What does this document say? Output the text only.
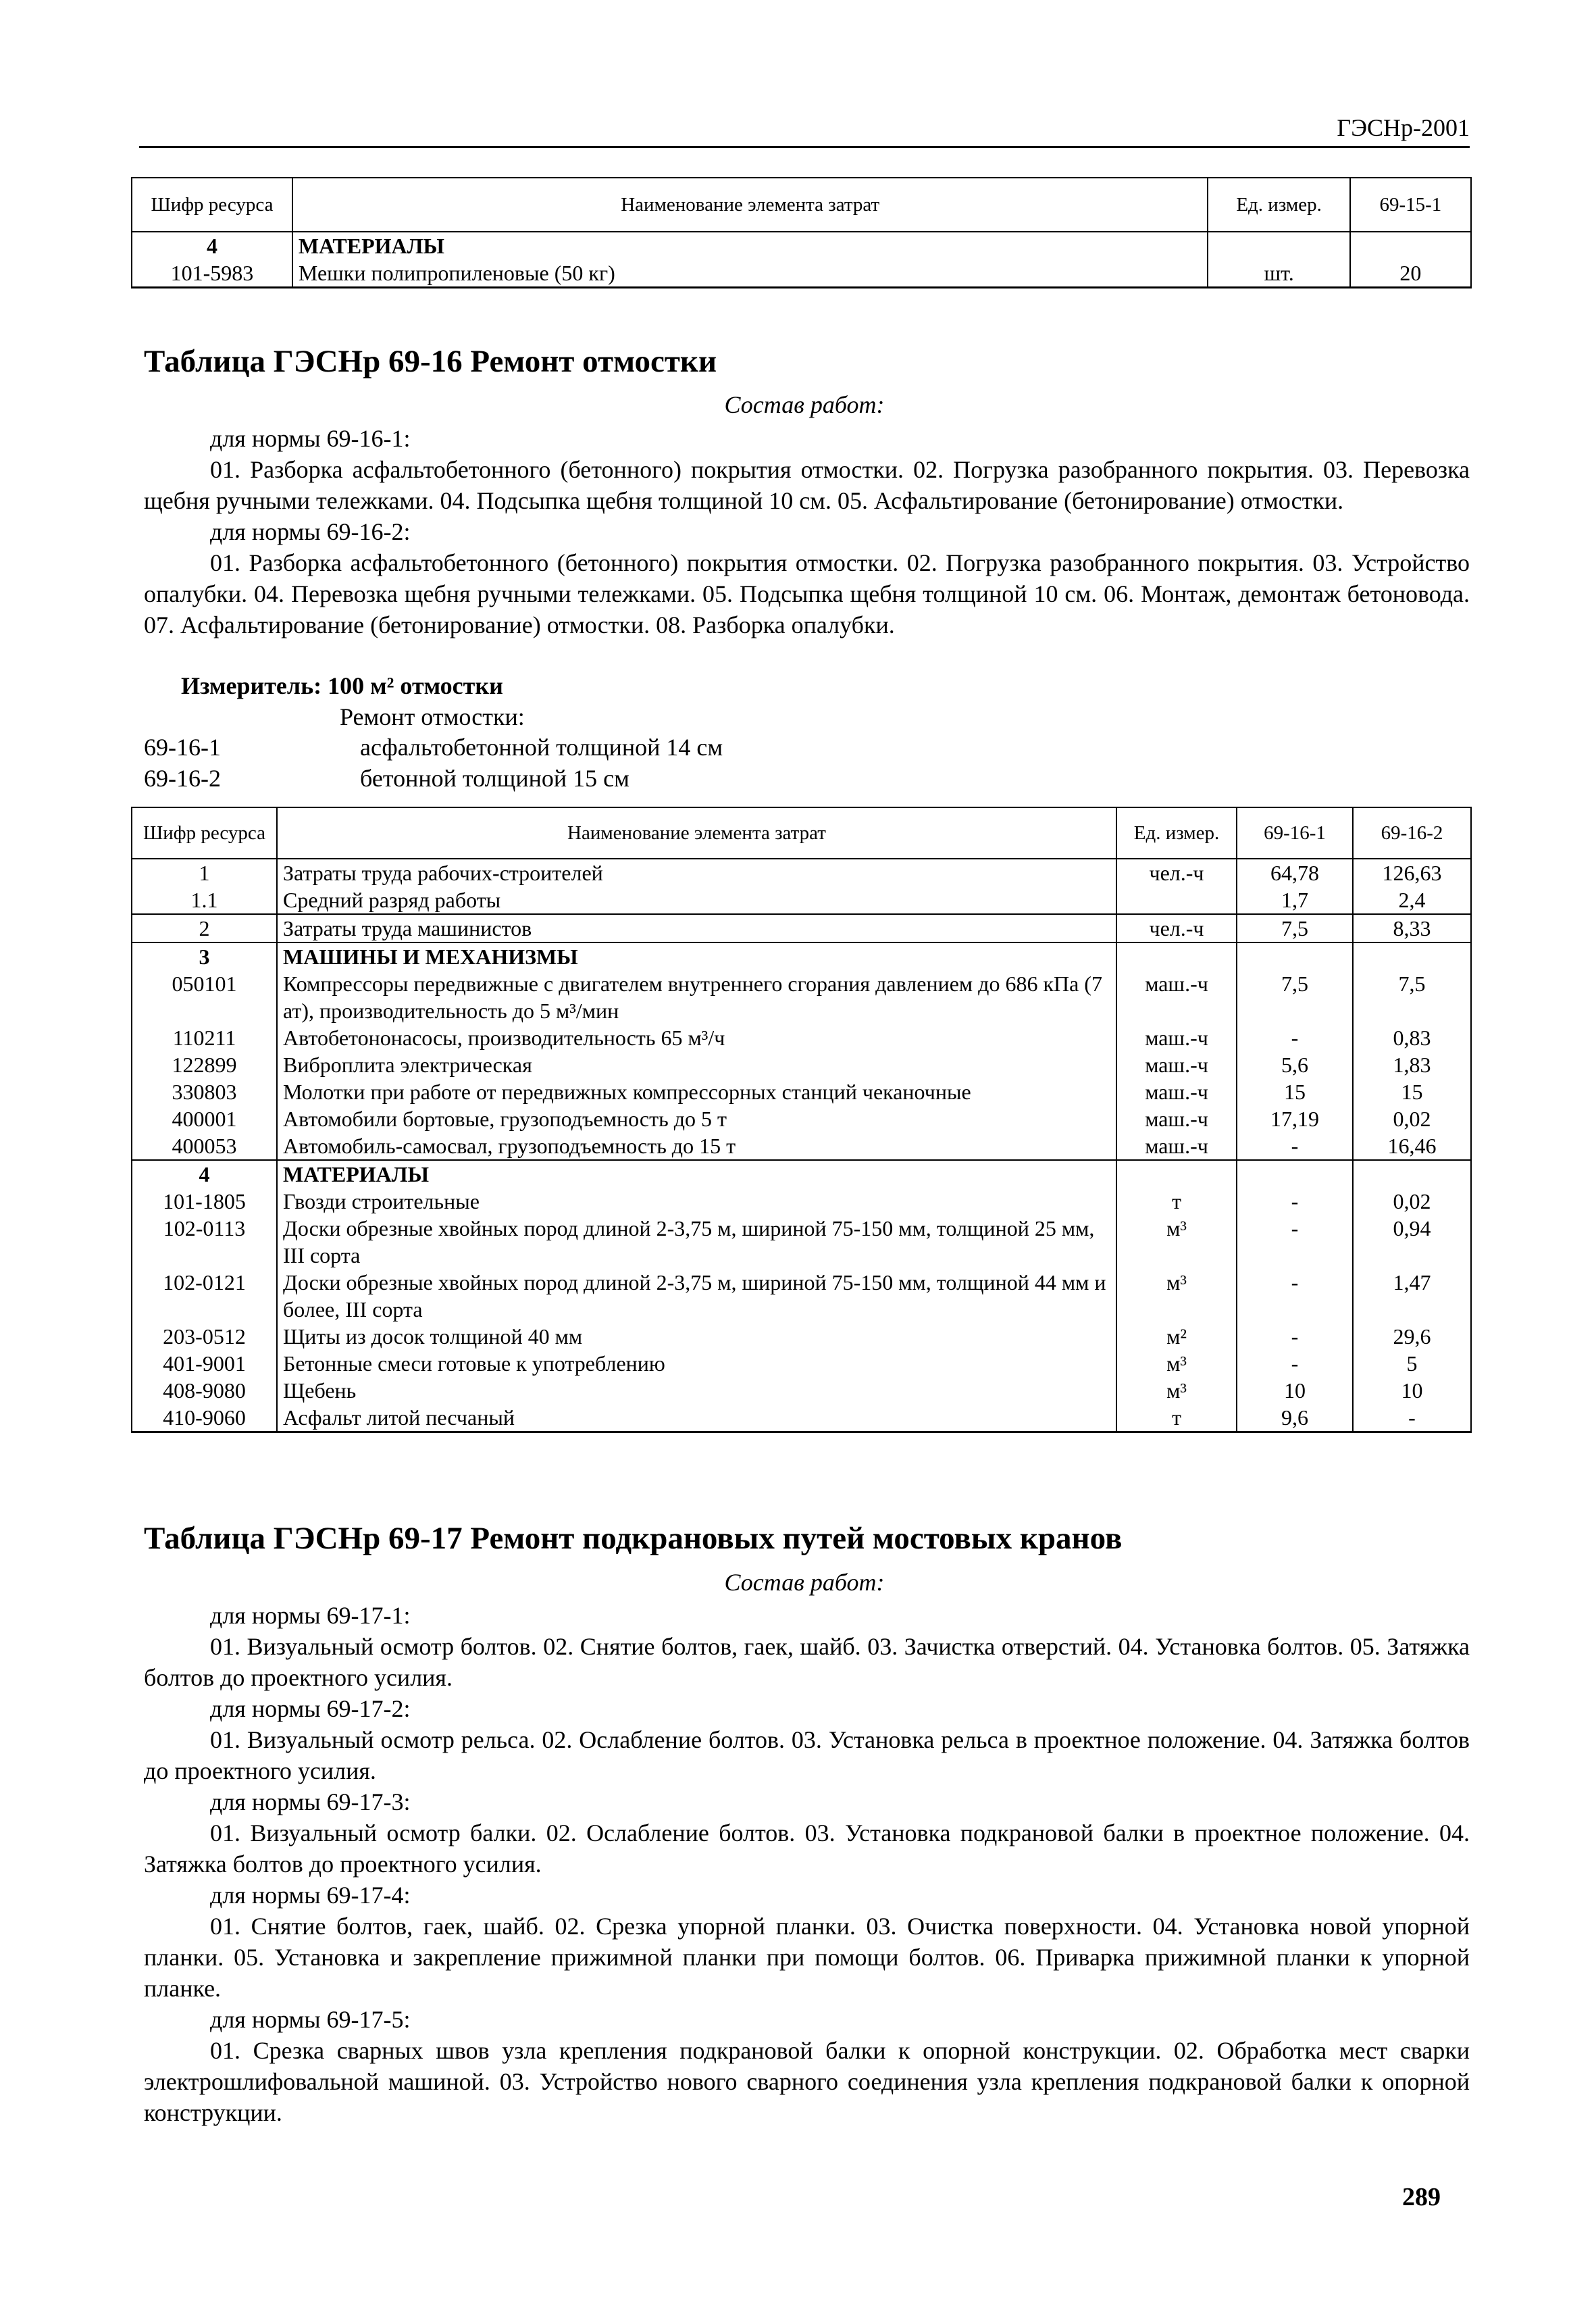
ГЭСНр-2001
Шифр ресурса	Наименование элемента затрат	Ед. измер.	69-15-1
4	МАТЕРИАЛЫ		
101-5983	Мешки полипропиленовые (50 кг)	шт.	20
Таблица ГЭСНр 69-16 Ремонт отмостки
Состав работ:

для нормы 69-16-1:

01. Разборка асфальтобетонного (бетонного) покрытия отмостки. 02. Погрузка разобранного покрытия. 03. Перевозка щебня ручными тележками. 04. Подсыпка щебня толщиной 10 см. 05. Асфальтирование (бетонирование) отмостки.

для нормы 69-16-2:

01. Разборка асфальтобетонного (бетонного) покрытия отмостки. 02. Погрузка разобранного покрытия. 03. Устройство опалубки. 04. Перевозка щебня ручными тележками. 05. Подсыпка щебня толщиной 10 см. 06. Монтаж, демонтаж бетоновода. 07. Асфальтирование (бетонирование) отмостки. 08. Разборка опалубки.

Измеритель: 100 м² отмостки
Ремонт отмостки:
69-16-1	асфальтобетонной толщиной 14 см
69-16-2	бетонной толщиной 15 см
Шифр ресурса	Наименование элемента затрат	Ед. измер.	69-16-1	69-16-2
1	Затраты труда рабочих-строителей	чел.-ч	64,78	126,63
1.1	Средний разряд работы		1,7	2,4
2	Затраты труда машинистов	чел.-ч	7,5	8,33
3	МАШИНЫ И МЕХАНИЗМЫ			
050101	Компрессоры передвижные с двигателем внутреннего сгорания давлением до 686 кПа (7 ат), производительность до 5 м³/мин	маш.-ч	7,5	7,5
110211	Автобетононасосы, производительность 65 м³/ч	маш.-ч	-	0,83
122899	Виброплита электрическая	маш.-ч	5,6	1,83
330803	Молотки при работе от передвижных компрессорных станций чеканочные	маш.-ч	15	15
400001	Автомобили бортовые, грузоподъемность до 5 т	маш.-ч	17,19	0,02
400053	Автомобиль-самосвал, грузоподъемность до 15 т	маш.-ч	-	16,46
4	МАТЕРИАЛЫ			
101-1805	Гвозди строительные	т	-	0,02
102-0113	Доски обрезные хвойных пород длиной 2-3,75 м, шириной 75-150 мм, толщиной 25 мм, III сорта	м³	-	0,94
102-0121	Доски обрезные хвойных пород длиной 2-3,75 м, шириной 75-150 мм, толщиной 44 мм и более, III сорта	м³	-	1,47
203-0512	Щиты из досок толщиной 40 мм	м²	-	29,6
401-9001	Бетонные смеси готовые к употреблению	м³	-	5
408-9080	Щебень	м³	10	10
410-9060	Асфальт литой песчаный	т	9,6	-
Таблица ГЭСНр 69-17 Ремонт подкрановых путей мостовых кранов
Состав работ:

для нормы 69-17-1:

01. Визуальный осмотр болтов. 02. Снятие болтов, гаек, шайб. 03. Зачистка отверстий. 04. Установка болтов. 05. Затяжка болтов до проектного усилия.

для нормы 69-17-2:

01. Визуальный осмотр рельса. 02. Ослабление болтов. 03. Установка рельса в проектное положение. 04. Затяжка болтов до проектного усилия.

для нормы 69-17-3:

01. Визуальный осмотр балки. 02. Ослабление болтов. 03. Установка подкрановой балки в проектное положение. 04. Затяжка болтов до проектного усилия.

для нормы 69-17-4:

01. Снятие болтов, гаек, шайб. 02. Срезка упорной планки. 03. Очистка поверхности. 04. Установка новой упорной планки. 05. Установка и закрепление прижимной планки при помощи болтов. 06. Приварка прижимной планки к упорной планке.

для нормы 69-17-5:

01. Срезка сварных швов узла крепления подкрановой балки к опорной конструкции. 02. Обработка мест сварки электрошлифовальной машиной. 03. Устройство нового сварного соединения узла крепления подкрановой балки к опорной конструкции.

289
